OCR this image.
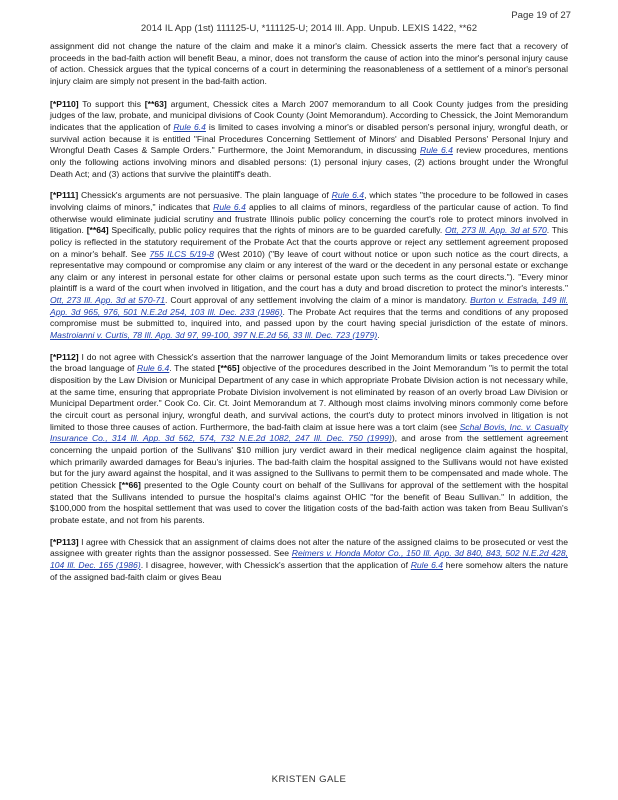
Page 19 of 27
2014 IL App (1st) 111125-U, *111125-U; 2014 Ill. App. Unpub. LEXIS 1422, **62

assignment did not change the nature of the claim and make it a minor's claim. Chessick asserts the mere fact that a recovery of proceeds in the bad-faith action will benefit Beau, a minor, does not transform the cause of action into the minor's personal injury cause of action. Chessick argues that the typical concerns of a court in determining the reasonableness of a settlement of a minor's personal injury claim are simply not present in the bad-faith action.

[*P110] To support this [**63] argument, Chessick cites a March 2007 memorandum to all Cook County judges from the presiding judges of the law, probate, and municipal divisions of Cook County (Joint Memorandum). According to Chessick, the Joint Memorandum indicates that the application of Rule 6.4 is limited to cases involving a minor's or disabled person's personal injury, wrongful death, or survival action because it is entitled "Final Procedures Concerning Settlement of Minors' and Disabled Persons' Personal Injury and Wrongful Death Cases & Sample Orders." Furthermore, the Joint Memorandum, in discussing Rule 6.4 review procedures, mentions only the following actions involving minors and disabled persons: (1) personal injury cases, (2) actions brought under the Wrongful Death Act; and (3) actions that survive the plaintiff's death.

[*P111] Chessick's arguments are not persuasive. The plain language of Rule 6.4, which states "the procedure to be followed in cases involving claims of minors," indicates that Rule 6.4 applies to all claims of minors, regardless of the particular cause of action. To find otherwise would eliminate judicial scrutiny and frustrate Illinois public policy concerning the court's role to protect minors involved in litigation. [**64] Specifically, public policy requires that the rights of minors are to be guarded carefully. Ott, 273 Ill. App. 3d at 570. This policy is reflected in the statutory requirement of the Probate Act that the courts approve or reject any settlement agreement proposed on a minor's behalf. See 755 ILCS 5/19-8 (West 2010) ("By leave of court without notice or upon such notice as the court directs, a representative may compound or compromise any claim or any interest of the ward or the decedent in any personal estate or exchange any claim or any interest in personal estate for other claims or personal estate upon such terms as the court directs."). "Every minor plaintiff is a ward of the court when involved in litigation, and the court has a duty and broad discretion to protect the minor's interests." Ott, 273 Ill. App. 3d at 570-71. Court approval of any settlement involving the claim of a minor is mandatory. Burton v. Estrada, 149 Ill. App. 3d 965, 976, 501 N.E.2d 254, 103 Ill. Dec. 233 (1986). The Probate Act requires that the terms and conditions of any proposed compromise must be submitted to, inquired into, and passed upon by the court having special jurisdiction of the estate of minors. Mastroianni v. Curtis, 78 Ill. App. 3d 97, 99-100, 397 N.E.2d 56, 33 Ill. Dec. 723 (1979).

[*P112] I do not agree with Chessick's assertion that the narrower language of the Joint Memorandum limits or takes precedence over the broad language of Rule 6.4. The stated [**65] objective of the procedures described in the Joint Memorandum "is to permit the total disposition by the Law Division or Municipal Department of any case in which appropriate Probate Division action is not necessary while, at the same time, ensuring that appropriate Probate Division involvement is not eliminated by reason of an overly broad Law Division or Municipal Department order." Cook Co. Cir. Ct. Joint Memorandum at 7. Although most claims involving minors commonly come before the circuit court as personal injury, wrongful death, and survival actions, the court's duty to protect minors involved in litigation is not limited to those three causes of action. Furthermore, the bad-faith claim at issue here was a tort claim (see Schal Bovis, Inc. v. Casualty Insurance Co., 314 Ill. App. 3d 562, 574, 732 N.E.2d 1082, 247 Ill. Dec. 750 (1999)), and arose from the settlement agreement concerning the unpaid portion of the Sullivans' $10 million jury verdict award in their medical negligence claim against the hospital, which primarily awarded damages for Beau's injuries. The bad-faith claim the hospital assigned to the Sullivans would not have existed but for the jury award against the hospital, and it was assigned to the Sullivans to permit them to be compensated and made whole. The petition Chessick [**66] presented to the Ogle County court on behalf of the Sullivans for approval of the settlement with the hospital stated that the Sullivans intended to pursue the hospital's claims against OHIC "for the benefit of Beau Sullivan." In addition, the $100,000 from the hospital settlement that was used to cover the litigation costs of the bad-faith action was taken from Beau Sullivan's probate estate, and not from his parents.

[*P113] I agree with Chessick that an assignment of claims does not alter the nature of the assigned claims to be prosecuted or vest the assignee with greater rights than the assignor possessed. See Reimers v. Honda Motor Co., 150 Ill. App. 3d 840, 843, 502 N.E.2d 428, 104 Ill. Dec. 165 (1986). I disagree, however, with Chessick's assertion that the application of Rule 6.4 here somehow alters the nature of the assigned bad-faith claim or gives Beau

KRISTEN GALE
